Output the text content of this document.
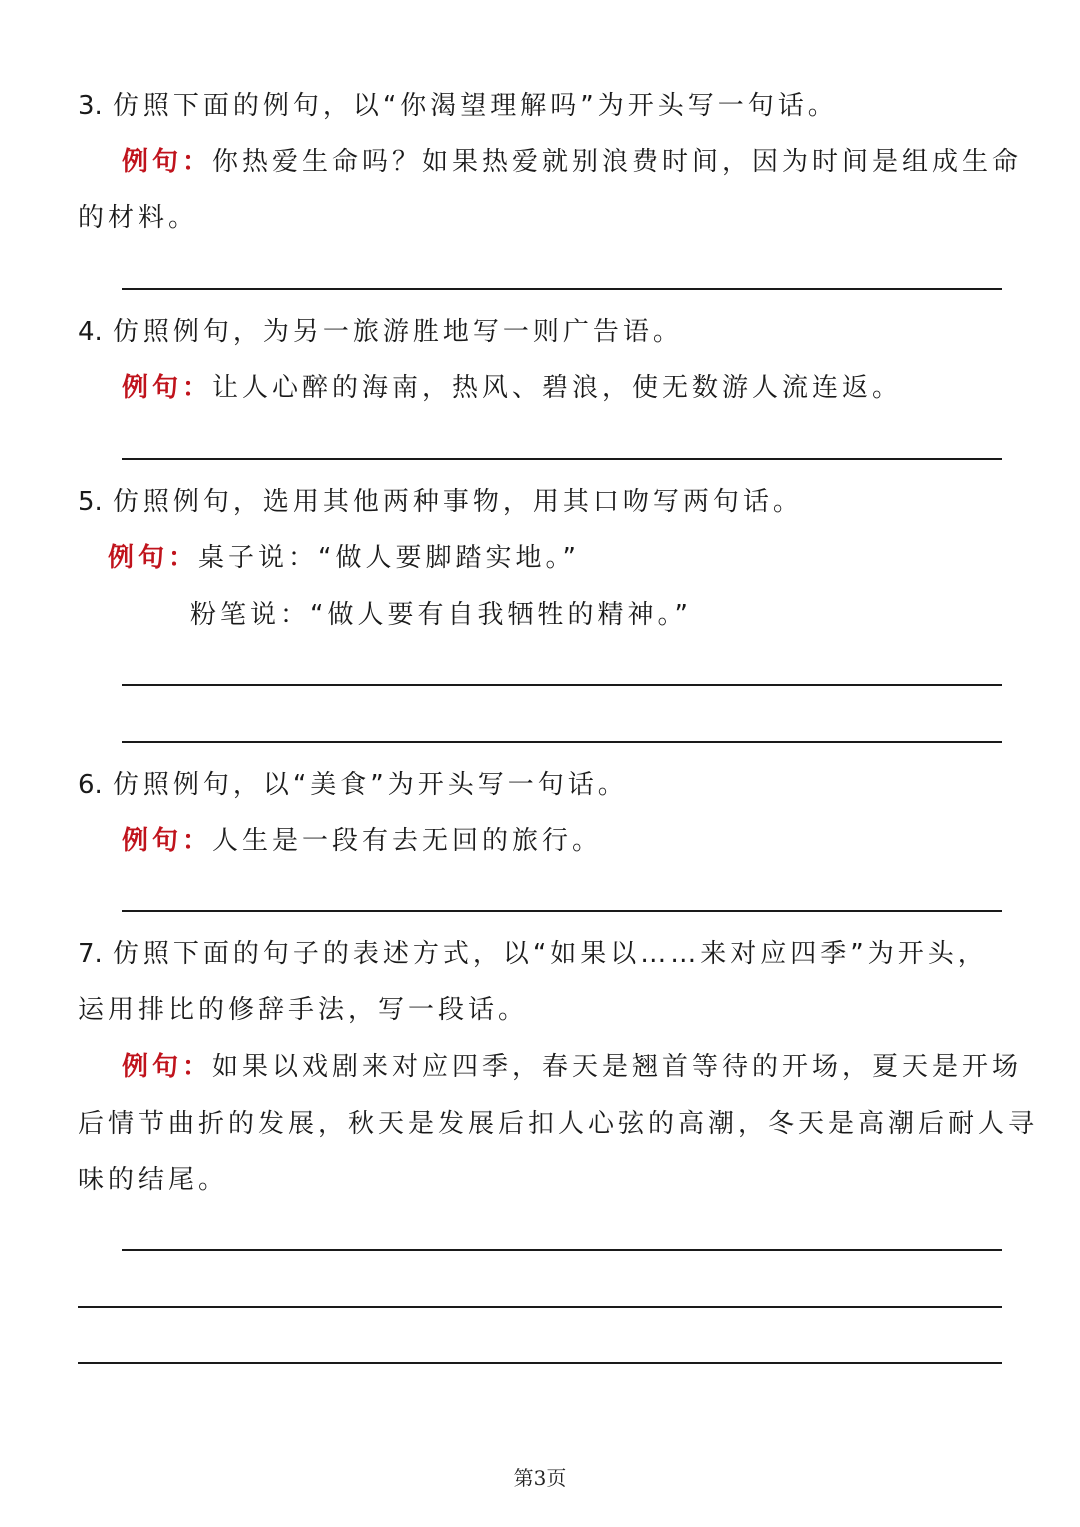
3. 仿照下面的例句，以“你渴望理解吗”为开头写一句话。
例句：你热爱生命吗？如果热爱就别浪费时间，因为时间是组成生命
的材料。
4. 仿照例句，为另一旅游胜地写一则广告语。
例句：让人心醉的海南，热风、碧浪，使无数游人流连返。
5. 仿照例句，选用其他两种事物，用其口吻写两句话。
例句：桌子说：“做人要脚踏实地。”
粉笔说：“做人要有自我牺牲的精神。”
6. 仿照例句，以“美食”为开头写一句话。
例句：人生是一段有去无回的旅行。
7. 仿照下面的句子的表述方式，以“如果以……来对应四季”为开头，
运用排比的修辞手法，写一段话。
例句：如果以戏剧来对应四季，春天是翘首等待的开场，夏天是开场
后情节曲折的发展，秋天是发展后扣人心弦的高潮，冬天是高潮后耐人寻
味的结尾。
第3页
